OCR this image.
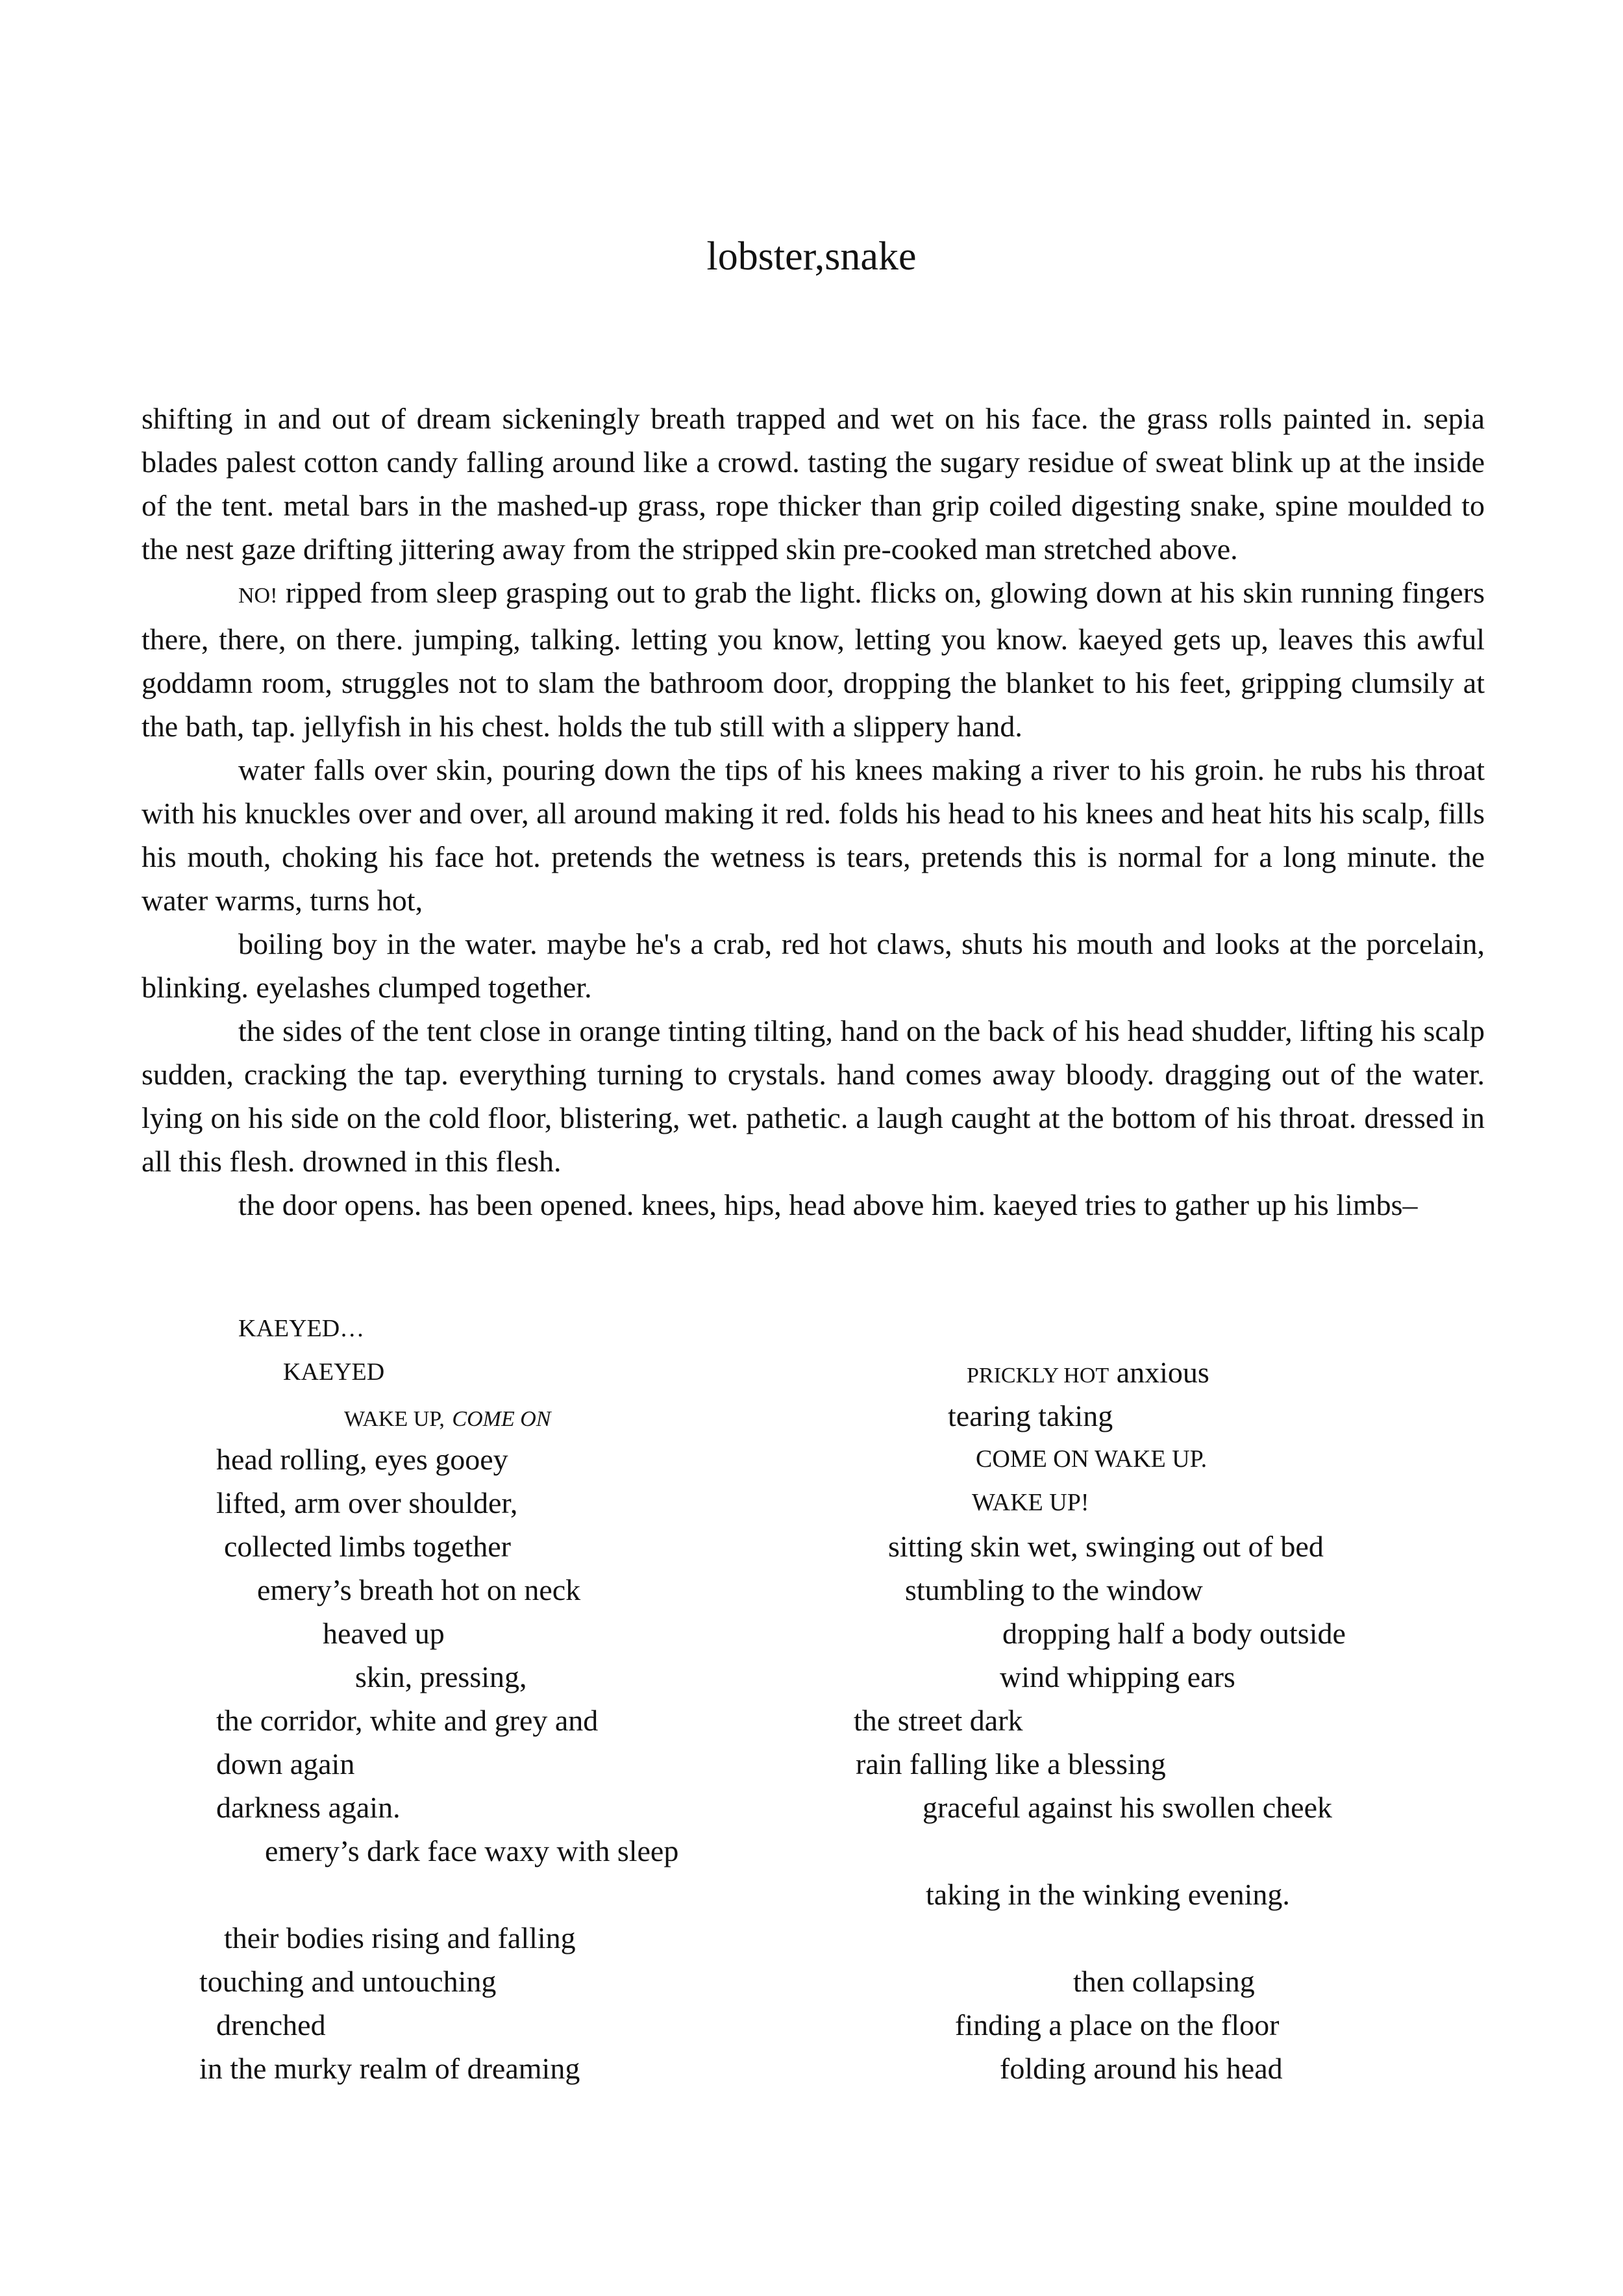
lobster,snake

shifting in and out of dream sickeningly breath trapped and wet on his face. the grass rolls painted in. sepia blades palest cotton candy falling around like a crowd. tasting the sugary residue of sweat blink up at the inside of the tent. metal bars in the mashed-up grass, rope thicker than grip coiled digesting snake, spine moulded to the nest gaze drifting jittering away from the stripped skin pre-cooked man stretched above.

NO! ripped from sleep grasping out to grab the light. flicks on, glowing down at his skin running fingers there, there, on there. jumping, talking. letting you know, letting you know. kaeyed gets up, leaves this awful goddamn room, struggles not to slam the bathroom door, dropping the blanket to his feet, gripping clumsily at the bath, tap. jellyfish in his chest. holds the tub still with a slippery hand.

water falls over skin, pouring down the tips of his knees making a river to his groin. he rubs his throat with his knuckles over and over, all around making it red. folds his head to his knees and heat hits his scalp, fills his mouth, choking his face hot. pretends the wetness is tears, pretends this is normal for a long minute. the water warms, turns hot,

boiling boy in the water. maybe he's a crab, red hot claws, shuts his mouth and looks at the porcelain, blinking. eyelashes clumped together.

the sides of the tent close in orange tinting tilting, hand on the back of his head shudder, lifting his scalp sudden, cracking the tap. everything turning to crystals. hand comes away bloody. dragging out of the water. lying on his side on the cold floor, blistering, wet. pathetic. a laugh caught at the bottom of his throat. dressed in all this flesh. drowned in this flesh.

the door opens. has been opened. knees, hips, head above him. kaeyed tries to gather up his limbs–

KAEYED…
KAEYED
WAKE UP, COME ON
head rolling, eyes gooey
lifted, arm over shoulder,
collected limbs together
emery’s breath hot on neck
heaved up
skin, pressing,
the corridor, white and grey and
down again
darkness again.
emery’s dark face waxy with sleep
their bodies rising and falling
touching and untouching
drenched
in the murky realm of dreaming
PRICKLY HOT anxious
tearing taking
COME ON WAKE UP.
WAKE UP!
sitting skin wet, swinging out of bed
stumbling to the window
dropping half a body outside
wind whipping ears
the street dark
rain falling like a blessing
graceful against his swollen cheek
taking in the winking evening.
then collapsing
finding a place on the floor
folding around his head
